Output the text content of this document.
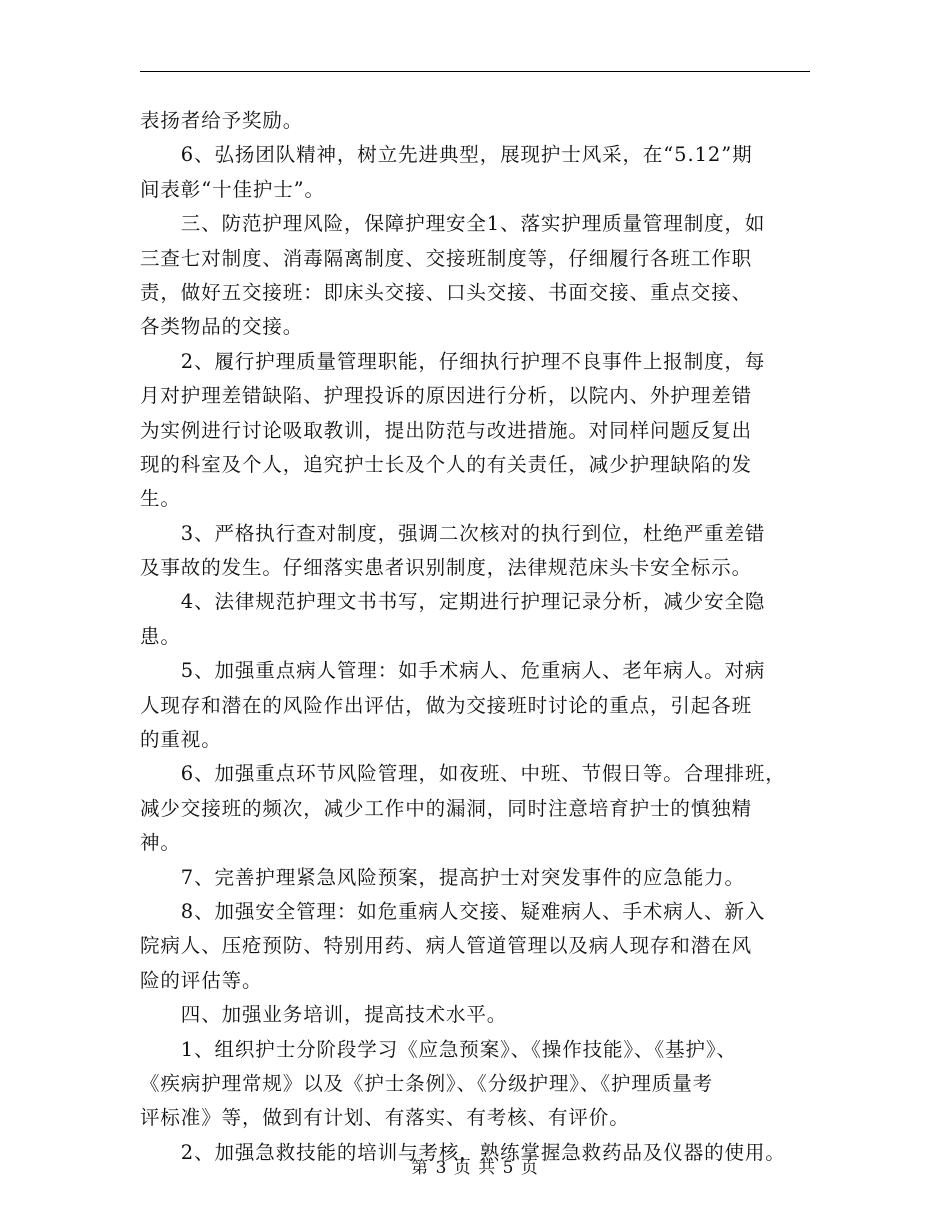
表扬者给予奖励。
　　6、弘扬团队精神，树立先进典型，展现护士风采，在“5.12”期
间表彰“十佳护士”。
　　三、防范护理风险，保障护理安全1、落实护理质量管理制度，如
三查七对制度、消毒隔离制度、交接班制度等，仔细履行各班工作职
责，做好五交接班：即床头交接、口头交接、书面交接、重点交接、
各类物品的交接。
　　2、履行护理质量管理职能，仔细执行护理不良事件上报制度，每
月对护理差错缺陷、护理投诉的原因进行分析，以院内、外护理差错
为实例进行讨论吸取教训，提出防范与改进措施。对同样问题反复出
现的科室及个人，追究护士长及个人的有关责任，减少护理缺陷的发
生。
　　3、严格执行查对制度，强调二次核对的执行到位，杜绝严重差错
及事故的发生。仔细落实患者识别制度，法律规范床头卡安全标示。
　　4、法律规范护理文书书写，定期进行护理记录分析，减少安全隐
患。
　　5、加强重点病人管理：如手术病人、危重病人、老年病人。对病
人现存和潜在的风险作出评估，做为交接班时讨论的重点，引起各班
的重视。
　　6、加强重点环节风险管理，如夜班、中班、节假日等。合理排班，
减少交接班的频次，减少工作中的漏洞，同时注意培育护士的慎独精
神。
　　7、完善护理紧急风险预案，提高护士对突发事件的应急能力。
　　8、加强安全管理：如危重病人交接、疑难病人、手术病人、新入
院病人、压疮预防、特别用药、病人管道管理以及病人现存和潜在风
险的评估等。
　　四、加强业务培训，提高技术水平。
　　1、组织护士分阶段学习《应急预案》、《操作技能》、《基护》、
《疾病护理常规》以及《护士条例》、《分级护理》、《护理质量考
评标准》等，做到有计划、有落实、有考核、有评价。
　　2、加强急救技能的培训与考核，熟练掌握急救药品及仪器的使用。
第 3 页 共 5 页
